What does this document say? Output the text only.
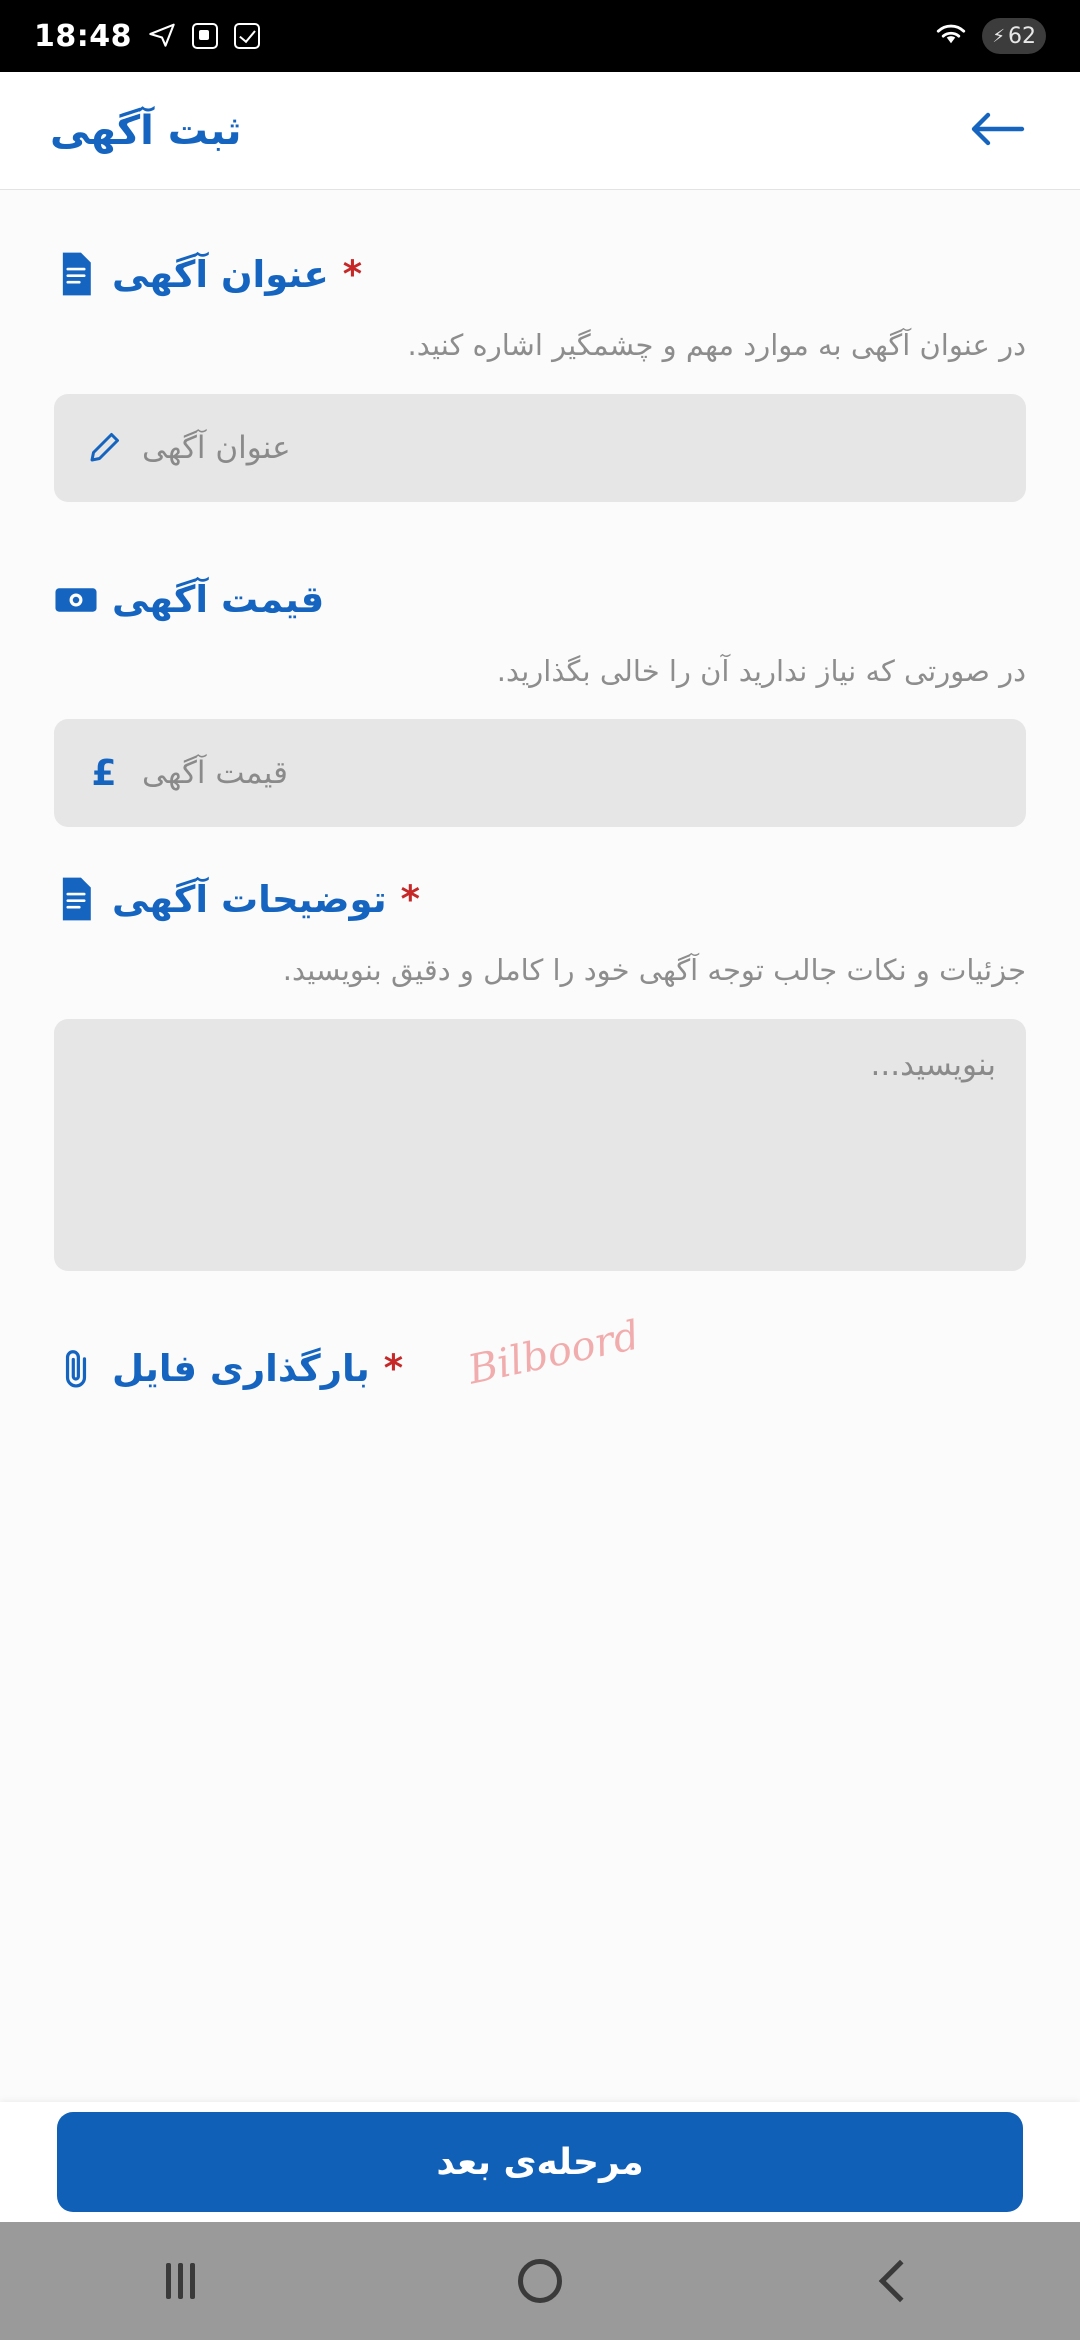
18:48	⚡ 62
ثبت آگهی
عنوان آگهی *
در عنوان آگهی به موارد مهم و چشمگیر اشاره کنید.
عنوان آگهی
قیمت آگهی
در صورتی که نیاز ندارید آن را خالی بگذارید.
£ قیمت آگهی
توضیحات آگهی *
جزئیات و نکات جالب توجه آگهی خود را کامل و دقیق بنویسید.
بنویسید...
بارگذاری فایل * Bilboord
مرحله‌ی بعد
